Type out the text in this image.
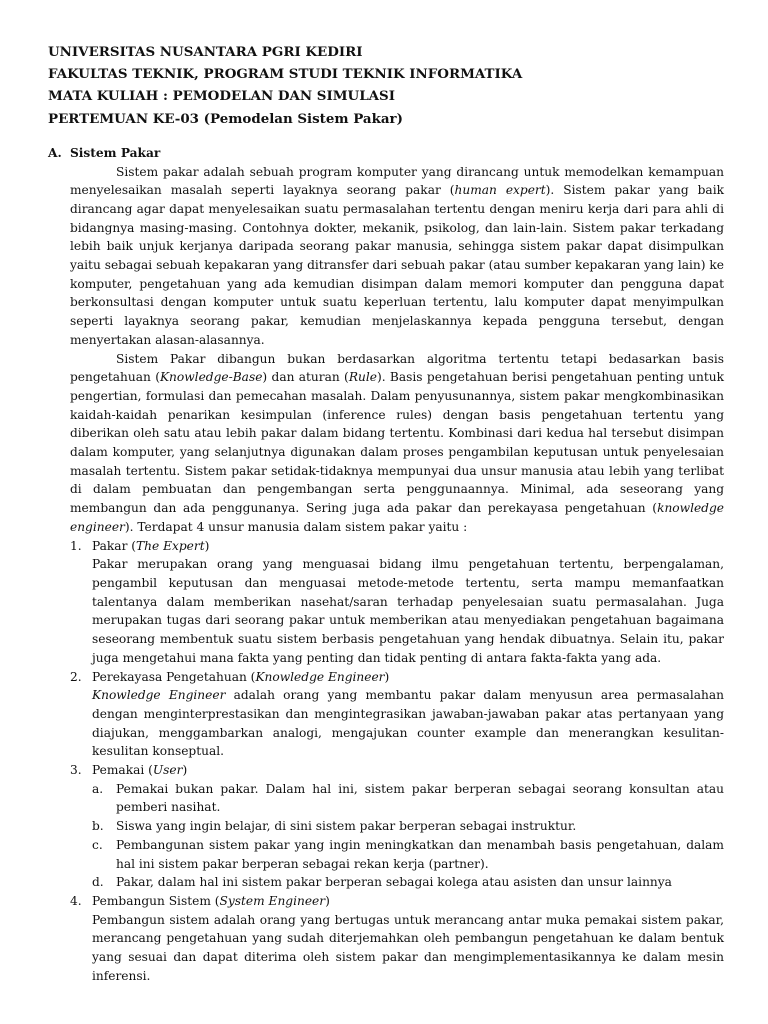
UNIVERSITAS NUSANTARA PGRI KEDIRI

FAKULTAS TEKNIK, PROGRAM STUDI TEKNIK INFORMATIKA

MATA KULIAH : PEMODELAN DAN SIMULASI

PERTEMUAN KE-03 (Pemodelan Sistem Pakar)

A. Sistem Pakar

Sistem pakar adalah sebuah program komputer yang dirancang untuk memodelkan kemampuan menyelesaikan masalah seperti layaknya seorang pakar (human expert). Sistem pakar yang baik dirancang agar dapat menyelesaikan suatu permasalahan tertentu dengan meniru kerja dari para ahli di bidangnya masing-masing. Contohnya dokter, mekanik, psikolog, dan lain-lain. Sistem pakar terkadang lebih baik unjuk kerjanya daripada seorang pakar manusia, sehingga sistem pakar dapat disimpulkan yaitu sebagai sebuah kepakaran yang ditransfer dari sebuah pakar (atau sumber kepakaran yang lain) ke komputer, pengetahuan yang ada kemudian disimpan dalam memori komputer dan pengguna dapat berkonsultasi dengan komputer untuk suatu keperluan tertentu, lalu komputer dapat menyimpulkan seperti layaknya seorang pakar, kemudian menjelaskannya kepada pengguna tersebut, dengan menyertakan alasan-alasannya.

Sistem Pakar dibangun bukan berdasarkan algoritma tertentu tetapi bedasarkan basis pengetahuan (Knowledge-Base) dan aturan (Rule). Basis pengetahuan berisi pengetahuan penting untuk pengertian, formulasi dan pemecahan masalah. Dalam penyusunannya, sistem pakar mengkombinasikan kaidah-kaidah penarikan kesimpulan (inference rules) dengan basis pengetahuan tertentu yang diberikan oleh satu atau lebih pakar dalam bidang tertentu. Kombinasi dari kedua hal tersebut disimpan dalam komputer, yang selanjutnya digunakan dalam proses pengambilan keputusan untuk penyelesaian masalah tertentu. Sistem pakar setidak-tidaknya mempunyai dua unsur manusia atau lebih yang terlibat di dalam pembuatan dan pengembangan serta penggunaannya. Minimal, ada seseorang yang membangun dan ada penggunanya. Sering juga ada pakar dan perekayasa pengetahuan (knowledge engineer). Terdapat 4 unsur manusia dalam sistem pakar yaitu :

1. Pakar (The Expert)

Pakar merupakan orang yang menguasai bidang ilmu pengetahuan tertentu, berpengalaman, pengambil keputusan dan menguasai metode-metode tertentu, serta mampu memanfaatkan talentanya dalam memberikan nasehat/saran terhadap penyelesaian suatu permasalahan. Juga merupakan tugas dari seorang pakar untuk memberikan atau menyediakan pengetahuan bagaimana seseorang membentuk suatu sistem berbasis pengetahuan yang hendak dibuatnya. Selain itu, pakar juga mengetahui mana fakta yang penting dan tidak penting di antara fakta-fakta yang ada.

2. Perekayasa Pengetahuan (Knowledge Engineer)

Knowledge Engineer adalah orang yang membantu pakar dalam menyusun area permasalahan dengan menginterprestasikan dan mengintegrasikan jawaban-jawaban pakar atas pertanyaan yang diajukan, menggambarkan analogi, mengajukan counter example dan menerangkan kesulitan-kesulitan konseptual.

3. Pemakai (User)

a. Pemakai bukan pakar. Dalam hal ini, sistem pakar berperan sebagai seorang konsultan atau pemberi nasihat.
b. Siswa yang ingin belajar, di sini sistem pakar berperan sebagai instruktur.
c. Pembangunan sistem pakar yang ingin meningkatkan dan menambah basis pengetahuan, dalam hal ini sistem pakar berperan sebagai rekan kerja (partner).
d. Pakar, dalam hal ini sistem pakar berperan sebagai kolega atau asisten dan unsur lainnya
4. Pembangun Sistem (System Engineer)

Pembangun sistem adalah orang yang bertugas untuk merancang antar muka pemakai sistem pakar, merancang pengetahuan yang sudah diterjemahkan oleh pembangun pengetahuan ke dalam bentuk yang sesuai dan dapat diterima oleh sistem pakar dan mengimplementasikannya ke dalam mesin inferensi.
